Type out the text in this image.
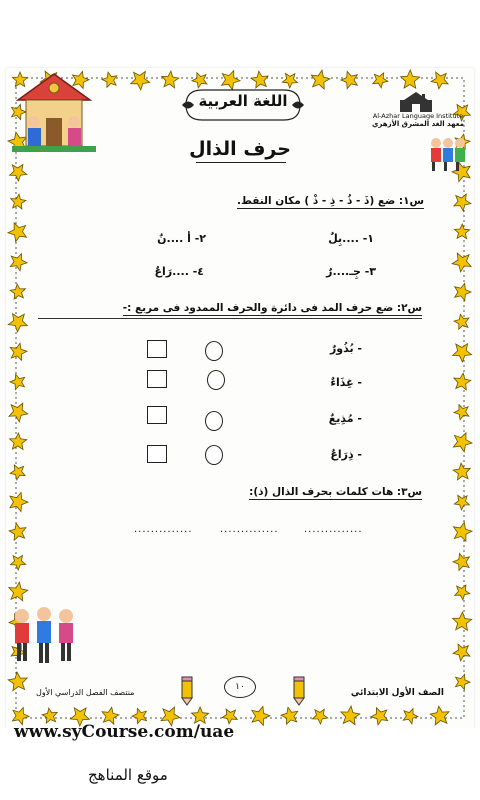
اللغة العربية
Al-Azhar Language Institute
معهد الغد المشرق الأزهري
حرف الذال
س١: ضع (ذَ - ذُ - ذِ - ذْ ) مكان النقط.
١- ....بِلٌ
٢- أ ....نٌ
٣- جِـ....رٌ
٤- ....رَاعٌ
س٢: ضع حرف المد فى دائرة والحرف الممدود فى مربع :-
- بُذُورٌ
- غِذَاءٌ
- مُذِيعٌ
- ذِرَاعٌ
س٣: هات كلمات بحرف الذال (ذ):
..............
..............
..............
١٠
الصف الأول الابتدائي
منتصف الفصل الدراسي الأول
www.syCourse.com/uae
موقع المناهج
